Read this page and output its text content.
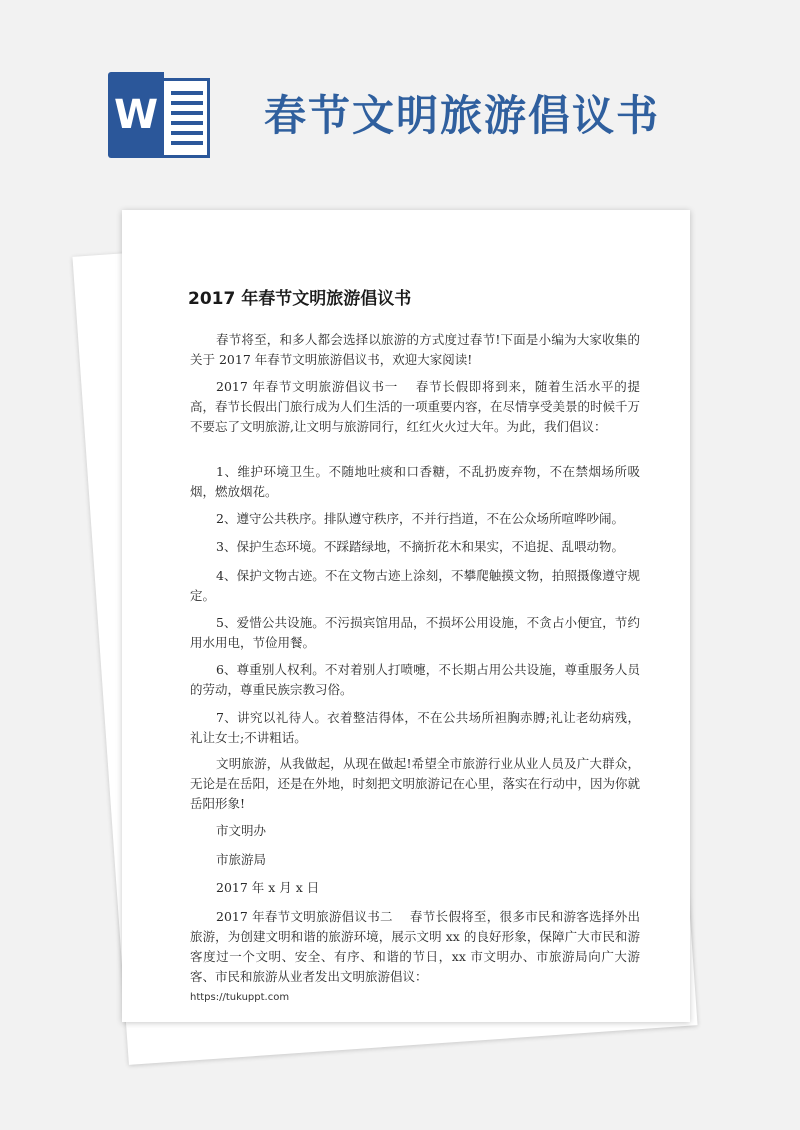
W	春节文明旅游倡议书
2017 年春节文明旅游倡议书

春节将至，和多人都会选择以旅游的方式度过春节!下面是小编为大家收集的关于 2017 年春节文明旅游倡议书，欢迎大家阅读!

2017 年春节文明旅游倡议书一　 春节长假即将到来，随着生活水平的提高，春节长假出门旅行成为人们生活的一项重要内容，在尽情享受美景的时候千万不要忘了文明旅游,让文明与旅游同行，红红火火过大年。为此，我们倡议：

1、维护环境卫生。不随地吐痰和口香糖，不乱扔废弃物，不在禁烟场所吸烟，燃放烟花。

2、遵守公共秩序。排队遵守秩序，不并行挡道，不在公众场所喧哗吵闹。

3、保护生态环境。不踩踏绿地，不摘折花木和果实，不追捉、乱喂动物。

4、保护文物古迹。不在文物古迹上涂刻，不攀爬触摸文物，拍照摄像遵守规定。

5、爱惜公共设施。不污损宾馆用品，不损坏公用设施，不贪占小便宜，节约用水用电，节俭用餐。

6、尊重别人权利。不对着别人打喷嚏，不长期占用公共设施，尊重服务人员的劳动，尊重民族宗教习俗。

7、讲究以礼待人。衣着整洁得体，不在公共场所袒胸赤膊;礼让老幼病残，礼让女士;不讲粗话。

文明旅游，从我做起，从现在做起!希望全市旅游行业从业人员及广大群众，无论是在岳阳，还是在外地，时刻把文明旅游记在心里，落实在行动中，因为你就岳阳形象!

市文明办

市旅游局

2017 年 x 月 x 日

2017 年春节文明旅游倡议书二　 春节长假将至，很多市民和游客选择外出旅游，为创建文明和谐的旅游环境，展示文明 xx 的良好形象，保障广大市民和游客度过一个文明、安全、有序、和谐的节日，xx 市文明办、市旅游局向广大游客、市民和旅游从业者发出文明旅游倡议：

https://tukuppt.com
